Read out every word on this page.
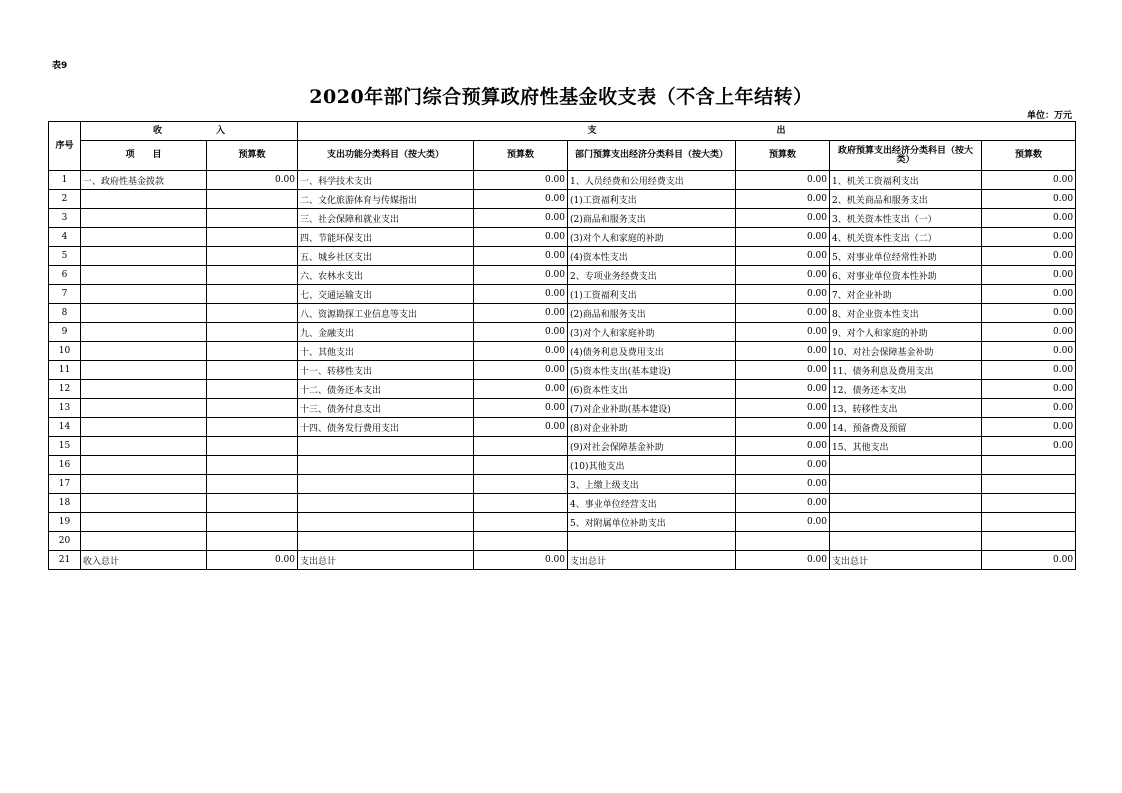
表9
2020年部门综合预算政府性基金收支表（不含上年结转）
单位：万元
序号	收　　　　　　入		支　　　　　　　　　　　　　　　　　　　　出					
	项　　目	预算数	支出功能分类科目（按大类）	预算数	部门预算支出经济分类科目（按大类）	预算数	政府预算支出经济分类科目（按大类）	预算数
1	一、政府性基金拨款	0.00	一、科学技术支出	0.00	1、人员经费和公用经费支出	0.00	1、机关工资福利支出	0.00
2			二、文化旅游体育与传媒指出	0.00	(1)工资福利支出	0.00	2、机关商品和服务支出	0.00
3			三、社会保障和就业支出	0.00	(2)商品和服务支出	0.00	3、机关资本性支出（一）	0.00
4			四、节能环保支出	0.00	(3)对个人和家庭的补助	0.00	4、机关资本性支出（二）	0.00
5			五、城乡社区支出	0.00	(4)资本性支出	0.00	5、对事业单位经常性补助	0.00
6			六、农林水支出	0.00	2、专项业务经费支出	0.00	6、对事业单位资本性补助	0.00
7			七、交通运输支出	0.00	(1)工资福利支出	0.00	7、对企业补助	0.00
8			八、资源勘探工业信息等支出	0.00	(2)商品和服务支出	0.00	8、对企业资本性支出	0.00
9			九、金融支出	0.00	(3)对个人和家庭补助	0.00	9、对个人和家庭的补助	0.00
10			十、其他支出	0.00	(4)债务利息及费用支出	0.00	10、对社会保障基金补助	0.00
11			十一、转移性支出	0.00	(5)资本性支出(基本建设)	0.00	11、债务利息及费用支出	0.00
12			十二、债务还本支出	0.00	(6)资本性支出	0.00	12、债务还本支出	0.00
13			十三、债务付息支出	0.00	(7)对企业补助(基本建设)	0.00	13、转移性支出	0.00
14			十四、债务发行费用支出	0.00	(8)对企业补助	0.00	14、预备费及预留	0.00
15					(9)对社会保障基金补助	0.00	15、其他支出	0.00
16					(10)其他支出	0.00		
17					3、上缴上级支出	0.00		
18					4、事业单位经营支出	0.00		
19					5、对附属单位补助支出	0.00		
20								
21	收入总计	0.00	支出总计	0.00	支出总计	0.00	支出总计	0.00
